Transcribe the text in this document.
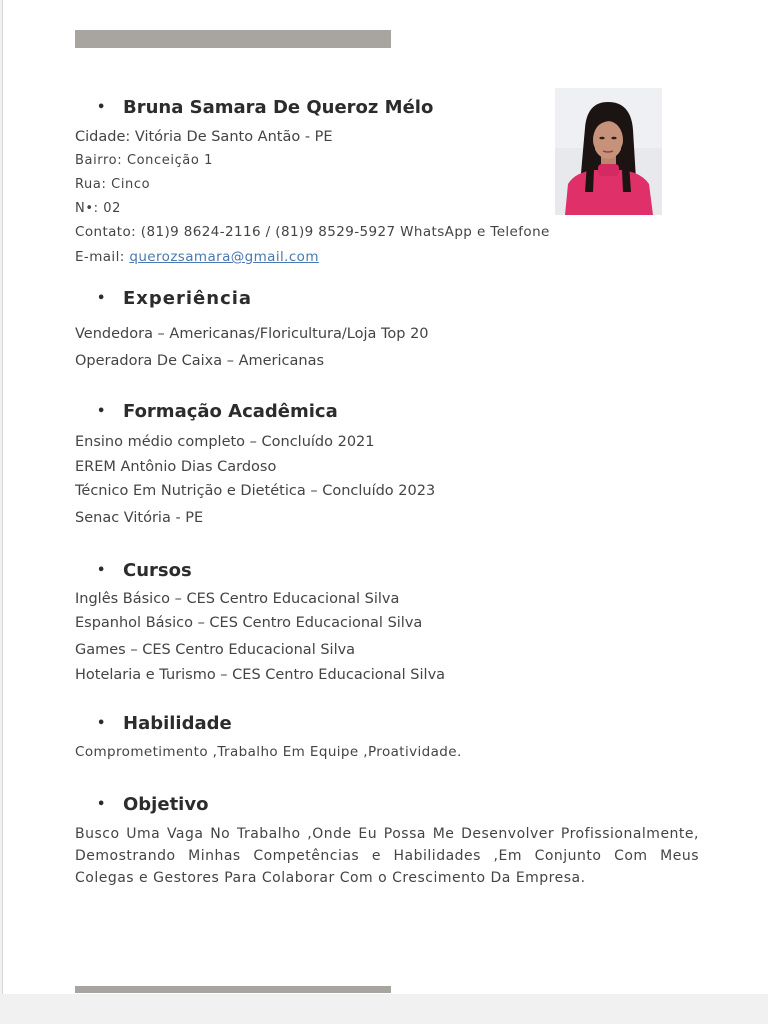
• Bruna Samara De Queroz Mélo

Cidade: Vitória De Santo Antão - PE

Bairro: Conceição 1

Rua: Cinco

N•: 02

Contato: (81)9 8624-2116 / (81)9 8529-5927 WhatsApp e Telefone

E-mail: querozsamara@gmail.com

• Experiência

Vendedora – Americanas/Floricultura/Loja Top 20

Operadora De Caixa – Americanas

• Formação Acadêmica

Ensino médio completo – Concluído 2021

EREM Antônio Dias Cardoso

Técnico Em Nutrição e Dietética – Concluído 2023

Senac Vitória - PE

• Cursos

Inglês Básico – CES Centro Educacional Silva

Espanhol Básico – CES Centro Educacional Silva

Games – CES Centro Educacional Silva

Hotelaria e Turismo – CES Centro Educacional Silva

• Habilidade

Comprometimento ,Trabalho Em Equipe ,Proatividade.

• Objetivo

Busco Uma Vaga No Trabalho ,Onde Eu Possa Me Desenvolver Profissionalmente, Demostrando Minhas Competências e Habilidades ,Em Conjunto Com Meus Colegas e Gestores Para Colaborar Com o Crescimento Da Empresa.
